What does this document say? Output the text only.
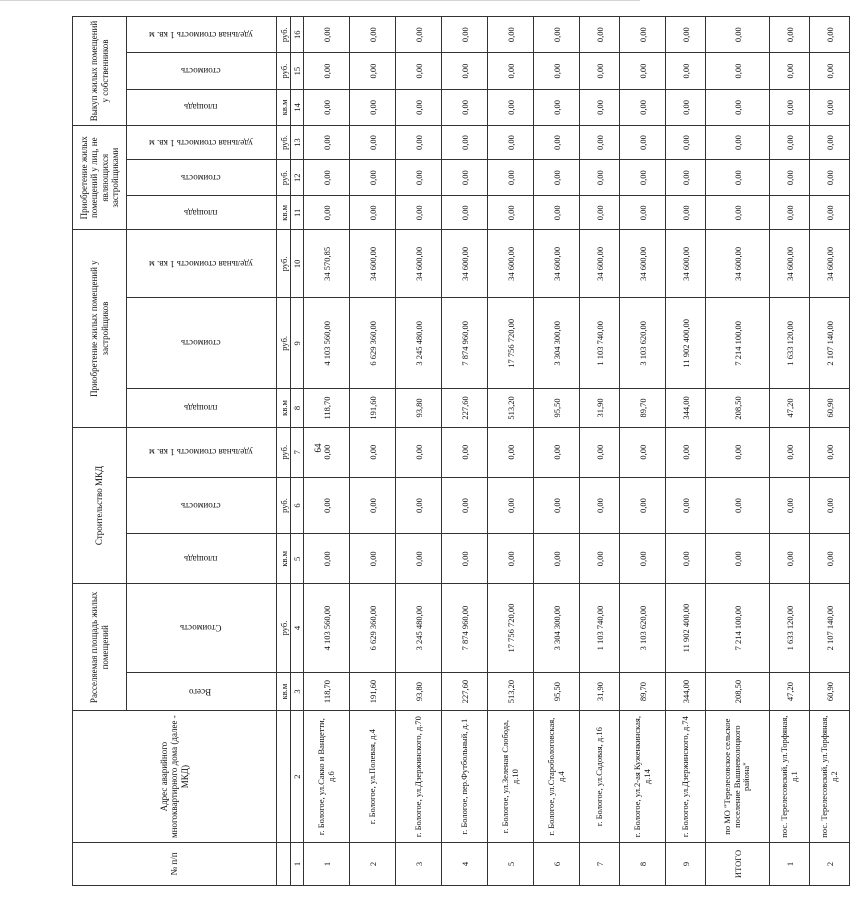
64
№ п/п	Адрес аварийного многоквартирного дома (далее - МКД)	Расселяемая площадь жилых помещений		Строительство МКД			Приобретение жилых помещений у застройщиков			Приобретение жилых помещений у лиц, не являющихся застройщиками			Выкуп жилых помещений у собственников		
		Всего	Стоимость	площадь	стоимость	удельная стоимость 1 кв. м	площадь	стоимость	удельная стоимость 1 кв. м	площадь	стоимость	удельная стоимость 1 кв. м	площадь	стоимость	удельная стоимость 1 кв. м
		кв.м	руб.	кв.м	руб.	руб.	кв.м	руб.	руб.	кв.м	руб.	руб.	кв.м	руб.	руб.
1	2	3	4	5	6	7	8	9	10	11	12	13	14	15	16
1	г. Бологое, ул.Сакко и Ванцетти, д.6	118,70	4 103 560,00	0,00	0,00	0,00	118,70	4 103 560,00	34 570,85	0,00	0,00	0,00	0,00	0,00	0,00
2	г. Бологое, ул.Полевая, д.4	191,60	6 629 360,00	0,00	0,00	0,00	191,60	6 629 360,00	34 600,00	0,00	0,00	0,00	0,00	0,00	0,00
3	г. Бологое, ул.Дзержинского, д.70	93,80	3 245 480,00	0,00	0,00	0,00	93,80	3 245 480,00	34 600,00	0,00	0,00	0,00	0,00	0,00	0,00
4	г. Бологое, пер.Футбольный, д.1	227,60	7 874 960,00	0,00	0,00	0,00	227,60	7 874 960,00	34 600,00	0,00	0,00	0,00	0,00	0,00	0,00
5	г. Бологое, ул.Зеленая Слобода, д.10	513,20	17 756 720,00	0,00	0,00	0,00	513,20	17 756 720,00	34 600,00	0,00	0,00	0,00	0,00	0,00	0,00
6	г. Бологое, ул.Старобологовская, д.4	95,50	3 304 300,00	0,00	0,00	0,00	95,50	3 304 300,00	34 600,00	0,00	0,00	0,00	0,00	0,00	0,00
7	г. Бологое, ул.Садовая, д.16	31,90	1 103 740,00	0,00	0,00	0,00	31,90	1 103 740,00	34 600,00	0,00	0,00	0,00	0,00	0,00	0,00
8	г. Бологое, ул.2-ая Куженкинская, д.14	89,70	3 103 620,00	0,00	0,00	0,00	89,70	3 103 620,00	34 600,00	0,00	0,00	0,00	0,00	0,00	0,00
9	г. Бологое, ул.Дзержинского, д.74	344,00	11 902 400,00	0,00	0,00	0,00	344,00	11 902 400,00	34 600,00	0,00	0,00	0,00	0,00	0,00	0,00
ИТОГО	по МО "Терелесовское сельское поселение Вышневолоцкого района"	208,50	7 214 100,00	0,00	0,00	0,00	208,50	7 214 100,00	34 600,00	0,00	0,00	0,00	0,00	0,00	0,00
1	пос. Терелесовский, ул.Торфяная, д.1	47,20	1 633 120,00	0,00	0,00	0,00	47,20	1 633 120,00	34 600,00	0,00	0,00	0,00	0,00	0,00	0,00
2	пос. Терелесовский, ул.Торфяная, д.2	60,90	2 107 140,00	0,00	0,00	0,00	60,90	2 107 140,00	34 600,00	0,00	0,00	0,00	0,00	0,00	0,00
